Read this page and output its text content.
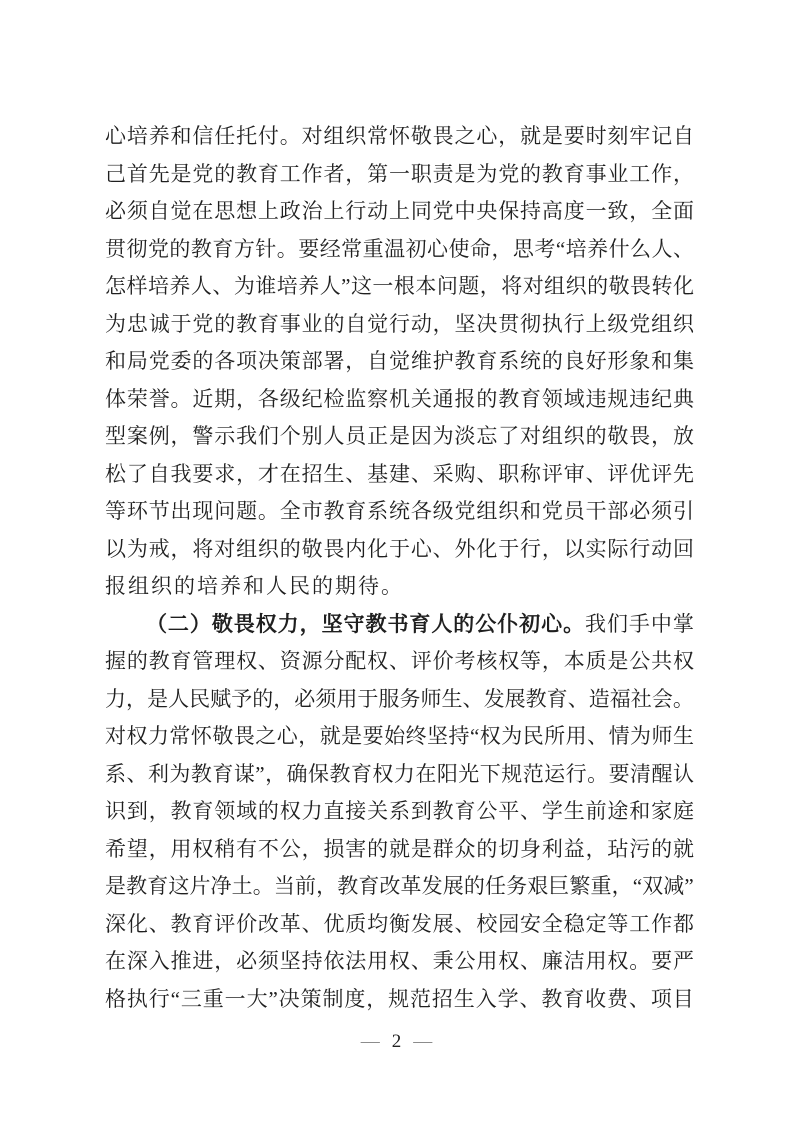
心 培 养 和 信 任 托 付 。 对 组 织 常 怀 敬 畏 之 心 ， 就 是 要 时 刻 牢 记 自
己 首 先 是 党 的 教 育 工 作 者 ， 第 一 职 责 是 为 党 的 教 育 事 业 工 作 ，
必 须 自 觉 在 思 想 上 政 治 上 行 动 上 同 党 中 央 保 持 高 度 一 致 ， 全 面
贯 彻 党 的 教 育 方 针 。 要 经 常 重 温 初 心 使 命 ， 思 考 “ 培 养 什 么 人 、
怎 样 培 养 人 、 为 谁 培 养 人 ” 这 一 根 本 问 题 ， 将 对 组 织 的 敬 畏 转 化
为 忠 诚 于 党 的 教 育 事 业 的 自 觉 行 动 ， 坚 决 贯 彻 执 行 上 级 党 组 织
和 局 党 委 的 各 项 决 策 部 署 ， 自 觉 维 护 教 育 系 统 的 良 好 形 象 和 集
体 荣 誉 。 近 期 ， 各 级 纪 检 监 察 机 关 通 报 的 教 育 领 域 违 规 违 纪 典
型 案 例 ， 警 示 我 们 个 别 人 员 正 是 因 为 淡 忘 了 对 组 织 的 敬 畏 ， 放
松 了 自 我 要 求 ， 才 在 招 生 、 基 建 、 采 购 、 职 称 评 审 、 评 优 评 先
等 环 节 出 现 问 题 。 全 市 教 育 系 统 各 级 党 组 织 和 党 员 干 部 必 须 引
以 为 戒 ， 将 对 组 织 的 敬 畏 内 化 于 心 、 外 化 于 行 ， 以 实 际 行 动 回
报 组 织 的 培 养 和 人 民 的 期 待 。
（ 二 ） 敬 畏 权 力 ， 坚 守 教 书 育 人 的 公 仆 初 心 。 我 们 手 中 掌
握 的 教 育 管 理 权 、 资 源 分 配 权 、 评 价 考 核 权 等 ， 本 质 是 公 共 权
力 ， 是 人 民 赋 予 的 ， 必 须 用 于 服 务 师 生 、 发 展 教 育 、 造 福 社 会 。
对 权 力 常 怀 敬 畏 之 心 ， 就 是 要 始 终 坚 持 “ 权 为 民 所 用 、 情 为 师 生
系 、 利 为 教 育 谋 ” ， 确 保 教 育 权 力 在 阳 光 下 规 范 运 行 。 要 清 醒 认
识 到 ， 教 育 领 域 的 权 力 直 接 关 系 到 教 育 公 平 、 学 生 前 途 和 家 庭
希 望 ， 用 权 稍 有 不 公 ， 损 害 的 就 是 群 众 的 切 身 利 益 ， 玷 污 的 就
是 教 育 这 片 净 土 。 当 前 ， 教 育 改 革 发 展 的 任 务 艰 巨 繁 重 ， “ 双 减 ”
深 化 、 教 育 评 价 改 革 、 优 质 均 衡 发 展 、 校 园 安 全 稳 定 等 工 作 都
在 深 入 推 进 ， 必 须 坚 持 依 法 用 权 、 秉 公 用 权 、 廉 洁 用 权 。 要 严
格 执 行 “ 三 重 一 大 ” 决 策 制 度 ， 规 范 招 生 入 学 、 教 育 收 费 、 项 目
— 2 —
